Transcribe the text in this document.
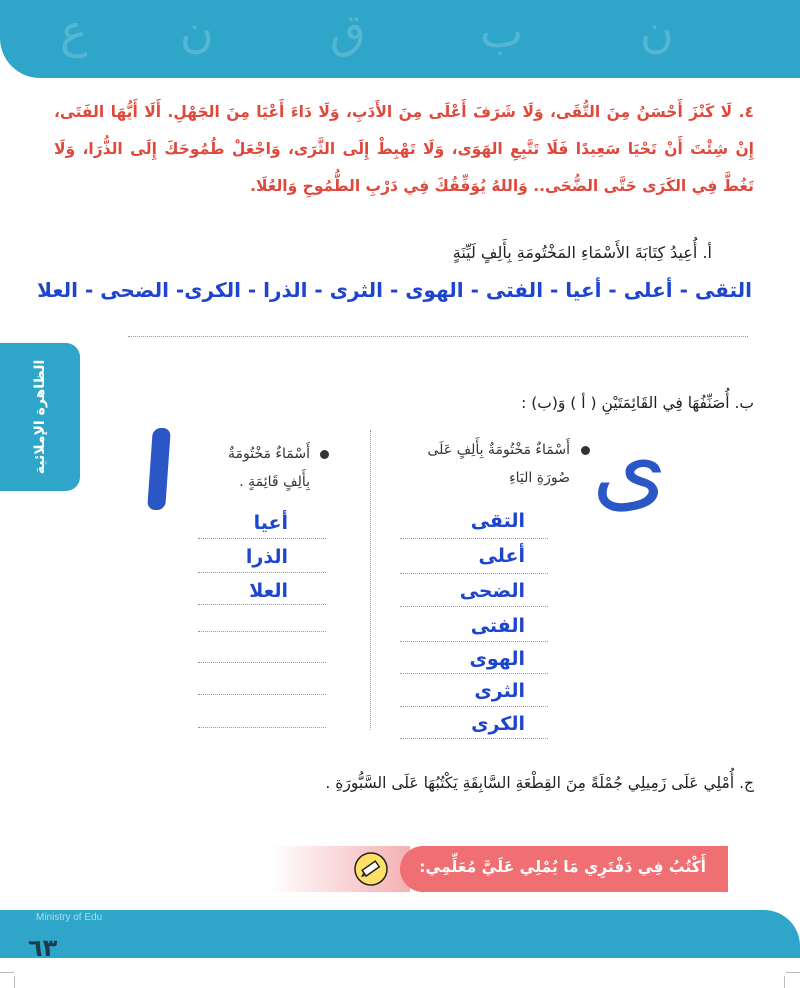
ع ن	ق ب	ن
الظاهرة الإملائية
٤. لَا كَنْزَ أَحْسَنُ مِنَ التُّقَى، وَلَا شَرَفَ أَعْلَى مِنَ الأَدَبِ، وَلَا دَاءَ أَعْيَا مِنَ الجَهْلِ. أَلَا أَيُّهَا الفَتَى، إِنْ شِئْتَ أَنْ تَحْيَا سَعِيدًا فَلَا تَتَّبِعِ الهَوَى، وَلَا تَهْبِطْ إِلَى الثَّرَى، وَاجْعَلْ طُمُوحَكَ إِلَى الذُّرَا، وَلَا تَغُطَّ فِي الكَرَى حَتَّى الضُّحَى.. وَاللهُ يُوَفِّقُكَ فِي دَرْبِ الطُّمُوحِ وَالعُلَا.
أ. أُعِيدُ كِتَابَةَ الأَسْمَاءِ المَخْتُومَةِ بِأَلِفٍ لَيِّنَةٍ
التقى - أعلى - أعيا - الفتى - الهوى - الثرى - الذرا - الكرى- الضحى - العلا
ب. أُصَنِّفُهَا فِي القَائِمَتَيْنِ ( أ ) وَ(ب) :
ى
أَسْمَاءٌ مَخْتُومَةٌ بِأَلِفٍ عَلَى
صُورَةِ اليَاءِ
أَسْمَاءٌ مَخْتُومَةٌ
بِأَلِفٍ قَائِمَةٍ .
التقى
أعلى
الضحى
الفتى
الهوى
الثرى
الكرى
أعيا
الذرا
العلا
ج. أُمْلِي عَلَى زَمِيلِي جُمْلَةً مِنَ القِطْعَةِ السَّابِقَةِ يَكْتُبُهَا عَلَى السَّبُّورَةِ .
أَكْتُبُ فِي دَفْتَرِي مَا يُمْلِي عَلَيَّ مُعَلِّمِي:
Ministry of Edu
٦٣
